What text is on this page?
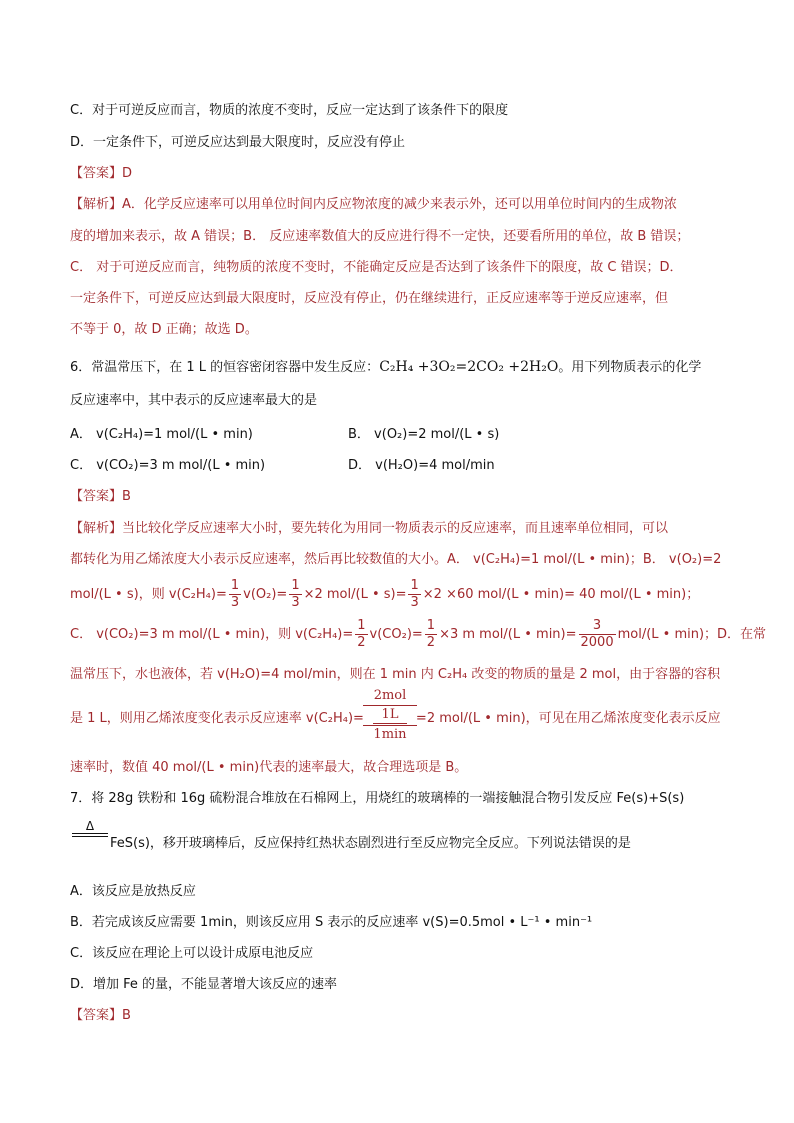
C．对于可逆反应而言，物质的浓度不变时，反应一定达到了该条件下的限度
D．一定条件下，可逆反应达到最大限度时，反应没有停止
【答案】D
【解析】A．化学反应速率可以用单位时间内反应物浓度的减少来表示外，还可以用单位时间内的生成物浓
度的增加来表示，故 A 错误；B． 反应速率数值大的反应进行得不一定快，还要看所用的单位，故 B 错误；
C． 对于可逆反应而言，纯物质的浓度不变时，不能确定反应是否达到了该条件下的限度，故 C 错误；D．
一定条件下，可逆反应达到最大限度时，反应没有停止，仍在继续进行，正反应速率等于逆反应速率，但
不等于 0，故 D 正确；故选 D。
6．常温常压下，在 1 L 的恒容密闭容器中发生反应：C₂H₄ +3O₂=2CO₂ +2H₂O。用下列物质表示的化学
反应速率中，其中表示的反应速率最大的是
A． v(C₂H₄)=1 mol/(L • min)	B． v(O₂)=2 mol/(L • s)
C． v(CO₂)=3 m mol/(L • min)	D． v(H₂O)=4 mol/min
【答案】B
【解析】当比较化学反应速率大小时，要先转化为用同一物质表示的反应速率，而且速率单位相同，可以
都转化为用乙烯浓度大小表示反应速率，然后再比较数值的大小。A． v(C₂H₄)=1 mol/(L • min)；B． v(O₂)=2
mol/(L • s)，则 $v(C_2H_4)= \frac{1}{3} v(O_2)= \frac{1}{3} \times 2$ mol/(L • $s)= \frac{1}{3} \times 2 \times 60$ mol/(L • min)= 40 mol/(L • min)；
C． v(CO₂)=3 m mol/(L • min)，则 $v(C_2H_4)= \frac{1}{2} v(CO_2)= \frac{1}{2} \times 3$ m mol/(L • $\min)= \frac{3}{2000} mol/(L$ • min)；D．在常
温常压下，水也液体，若 v(H₂O)=4 mol/min，则在 1 min 内 C₂H₄ 改变的物质的量是 2 mol，由于容器的容积
是 1 L，则用乙烯浓度变化表示反应速率 v(C₂H₄)=	=2 mol/(L • min)，可见在用乙烯浓度变化表示反应
2mol
1L
1min
速率时，数值 40 mol/(L • min)代表的速率最大，故合理选项是 B。
7．将 28g 铁粉和 16g 硫粉混合堆放在石棉网上，用烧红的玻璃棒的一端接触混合物引发反应 Fe(s)+S(s)
Δ
FeS(s)，移开玻璃棒后，反应保持红热状态剧烈进行至反应物完全反应。下列说法错误的是
A．该反应是放热反应
B．若完成该反应需要 1min，则该反应用 S 表示的反应速率 v(S)=0.5mol • L⁻¹ • min⁻¹
C．该反应在理论上可以设计成原电池反应
D．增加 Fe 的量，不能显著增大该反应的速率
【答案】B
